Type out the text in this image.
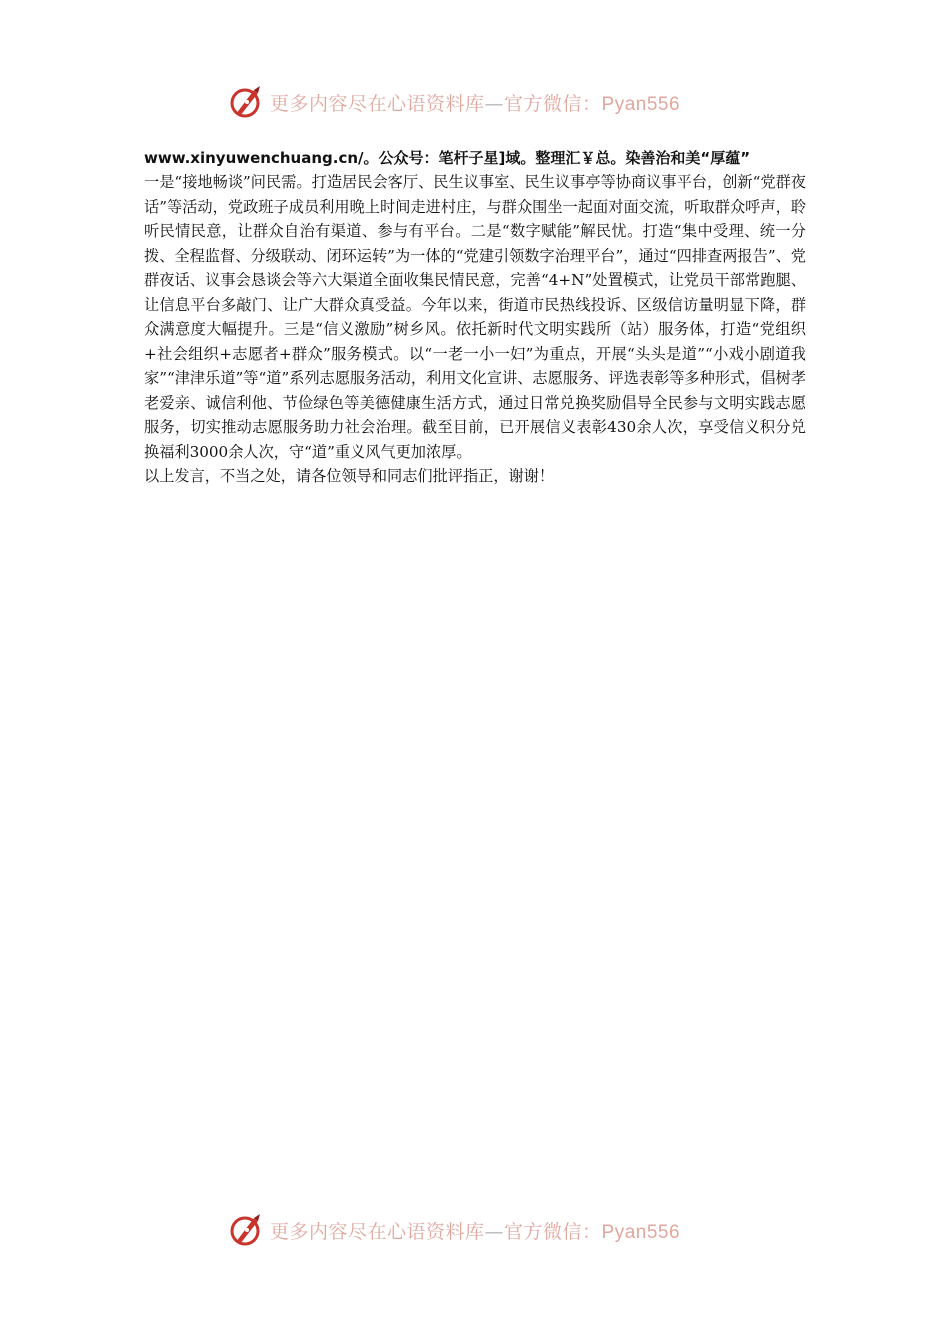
更多内容尽在心语资料库—官方微信：Pyan556
www.xinyuwenchuang.cn/。公众号：笔杆子星]域。整理汇￥总。染善治和美“厚蕴”

一是“接地畅谈”问民需。打造居民会客厅、民生议事室、民生议事亭等协商议事平台，创新“党群夜话”等活动，党政班子成员利用晚上时间走进村庄，与群众围坐一起面对面交流，听取群众呼声，聆听民情民意，让群众自治有渠道、参与有平台。二是“数字赋能”解民忧。打造“集中受理、统一分拨、全程监督、分级联动、闭环运转”为一体的“党建引领数字治理平台”，通过“四排查两报告”、党群夜话、议事会恳谈会等六大渠道全面收集民情民意，完善“4+N”处置模式，让党员干部常跑腿、让信息平台多敲门、让广大群众真受益。今年以来，街道市民热线投诉、区级信访量明显下降，群众满意度大幅提升。三是“信义激励”树乡风。依托新时代文明实践所（站）服务体，打造“党组织+社会组织+志愿者+群众”服务模式。以“一老一小一妇”为重点，开展“头头是道”“小戏小剧道我家”“津津乐道”等“道”系列志愿服务活动，利用文化宣讲、志愿服务、评选表彰等多种形式，倡树孝老爱亲、诚信利他、节俭绿色等美德健康生活方式，通过日常兑换奖励倡导全民参与文明实践志愿服务，切实推动志愿服务助力社会治理。截至目前，已开展信义表彰430余人次，享受信义积分兑换福利3000余人次，守“道”重义风气更加浓厚。

以上发言，不当之处，请各位领导和同志们批评指正，谢谢！

更多内容尽在心语资料库—官方微信：Pyan556
